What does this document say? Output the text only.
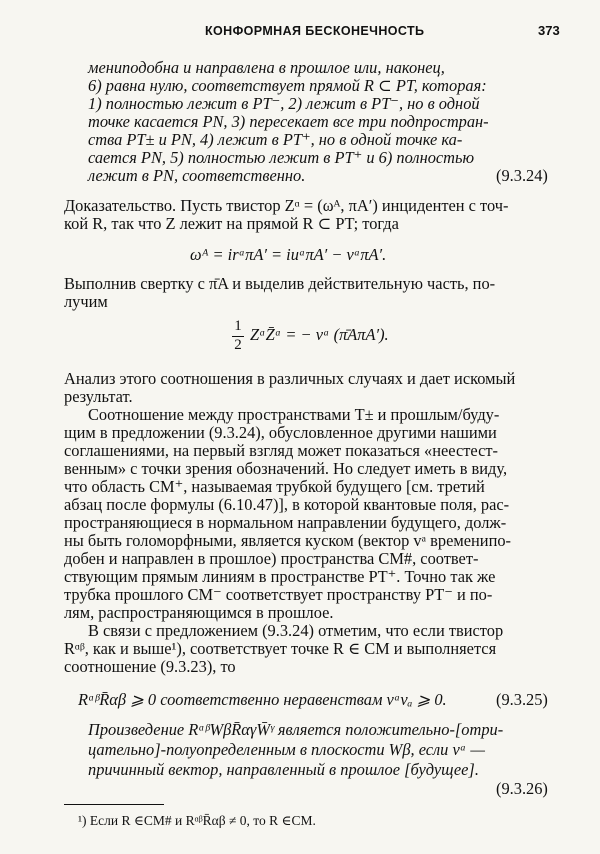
КОНФОРМНАЯ БЕСКОНЕЧНОСТЬ	373
мениподобна и направлена в прошлое или, наконец,
6) равна нулю, соответствует прямой R ⊂ PT, которая:
1) полностью лежит в PT⁻, 2) лежит в PT⁻, но в одной
точке касается PN, 3) пересекает все три подпростран-
ства PT± и PN, 4) лежит в PT⁺, но в одной точке ка-
сается PN, 5) полностью лежит в PT⁺ и 6) полностью
лежит в PN, соответственно.	(9.3.24)
Доказательство. Пусть твистор Zᵅ = (ωᴬ, πA′) инцидентен с точ-
кой R, так что Z лежит на прямой R ⊂ PT; тогда
ωᴬ = irᵃπA′ = iuᵃπA′ − vᵃπA′.
Выполнив свертку с π̄A и выделив действительную часть, по-
лучим
1
2
ZᵅZ̄ᵅ = − vᵃ (π̄AπA′).
Анализ этого соотношения в различных случаях и дает искомый
результат.
Соотношение между пространствами T± и прошлым/буду-
щим в предложении (9.3.24), обусловленное другими нашими
соглашениями, на первый взгляд может показаться «неестест-
венным» с точки зрения обозначений. Но следует иметь в виду,
что область CM⁺, называемая трубкой будущего [см. третий
абзац после формулы (6.10.47)], в которой квантовые поля, рас-
пространяющиеся в нормальном направлении будущего, долж-
ны быть голоморфными, является куском (вектор vᵃ временипо-
добен и направлен в прошлое) пространства CM#, соответ-
ствующим прямым линиям в пространстве PT⁺. Точно так же
трубка прошлого CM⁻ соответствует пространству PT⁻ и по-
лям, распространяющимся в прошлое.
В связи с предложением (9.3.24) отметим, что если твистор
Rᵅᵝ, как и выше¹), соответствует точке R ∈ CM и выполняется
соотношение (9.3.23), то
RᵅᵝR̄αβ ⩾ 0 соответственно неравенствам vᵃvₐ ⩾ 0.	(9.3.25)
Произведение RᵅᵝWβR̄αγW̄ᵞ является положительно-[отри-
цательно]-полуопределенным в плоскости Wβ, если vᵃ —
причинный вектор, направленный в прошлое [будущее].
(9.3.26)
¹) Если R ∈CM# и RᵅᵝR̄αβ ≠ 0, то R ∈CM.
